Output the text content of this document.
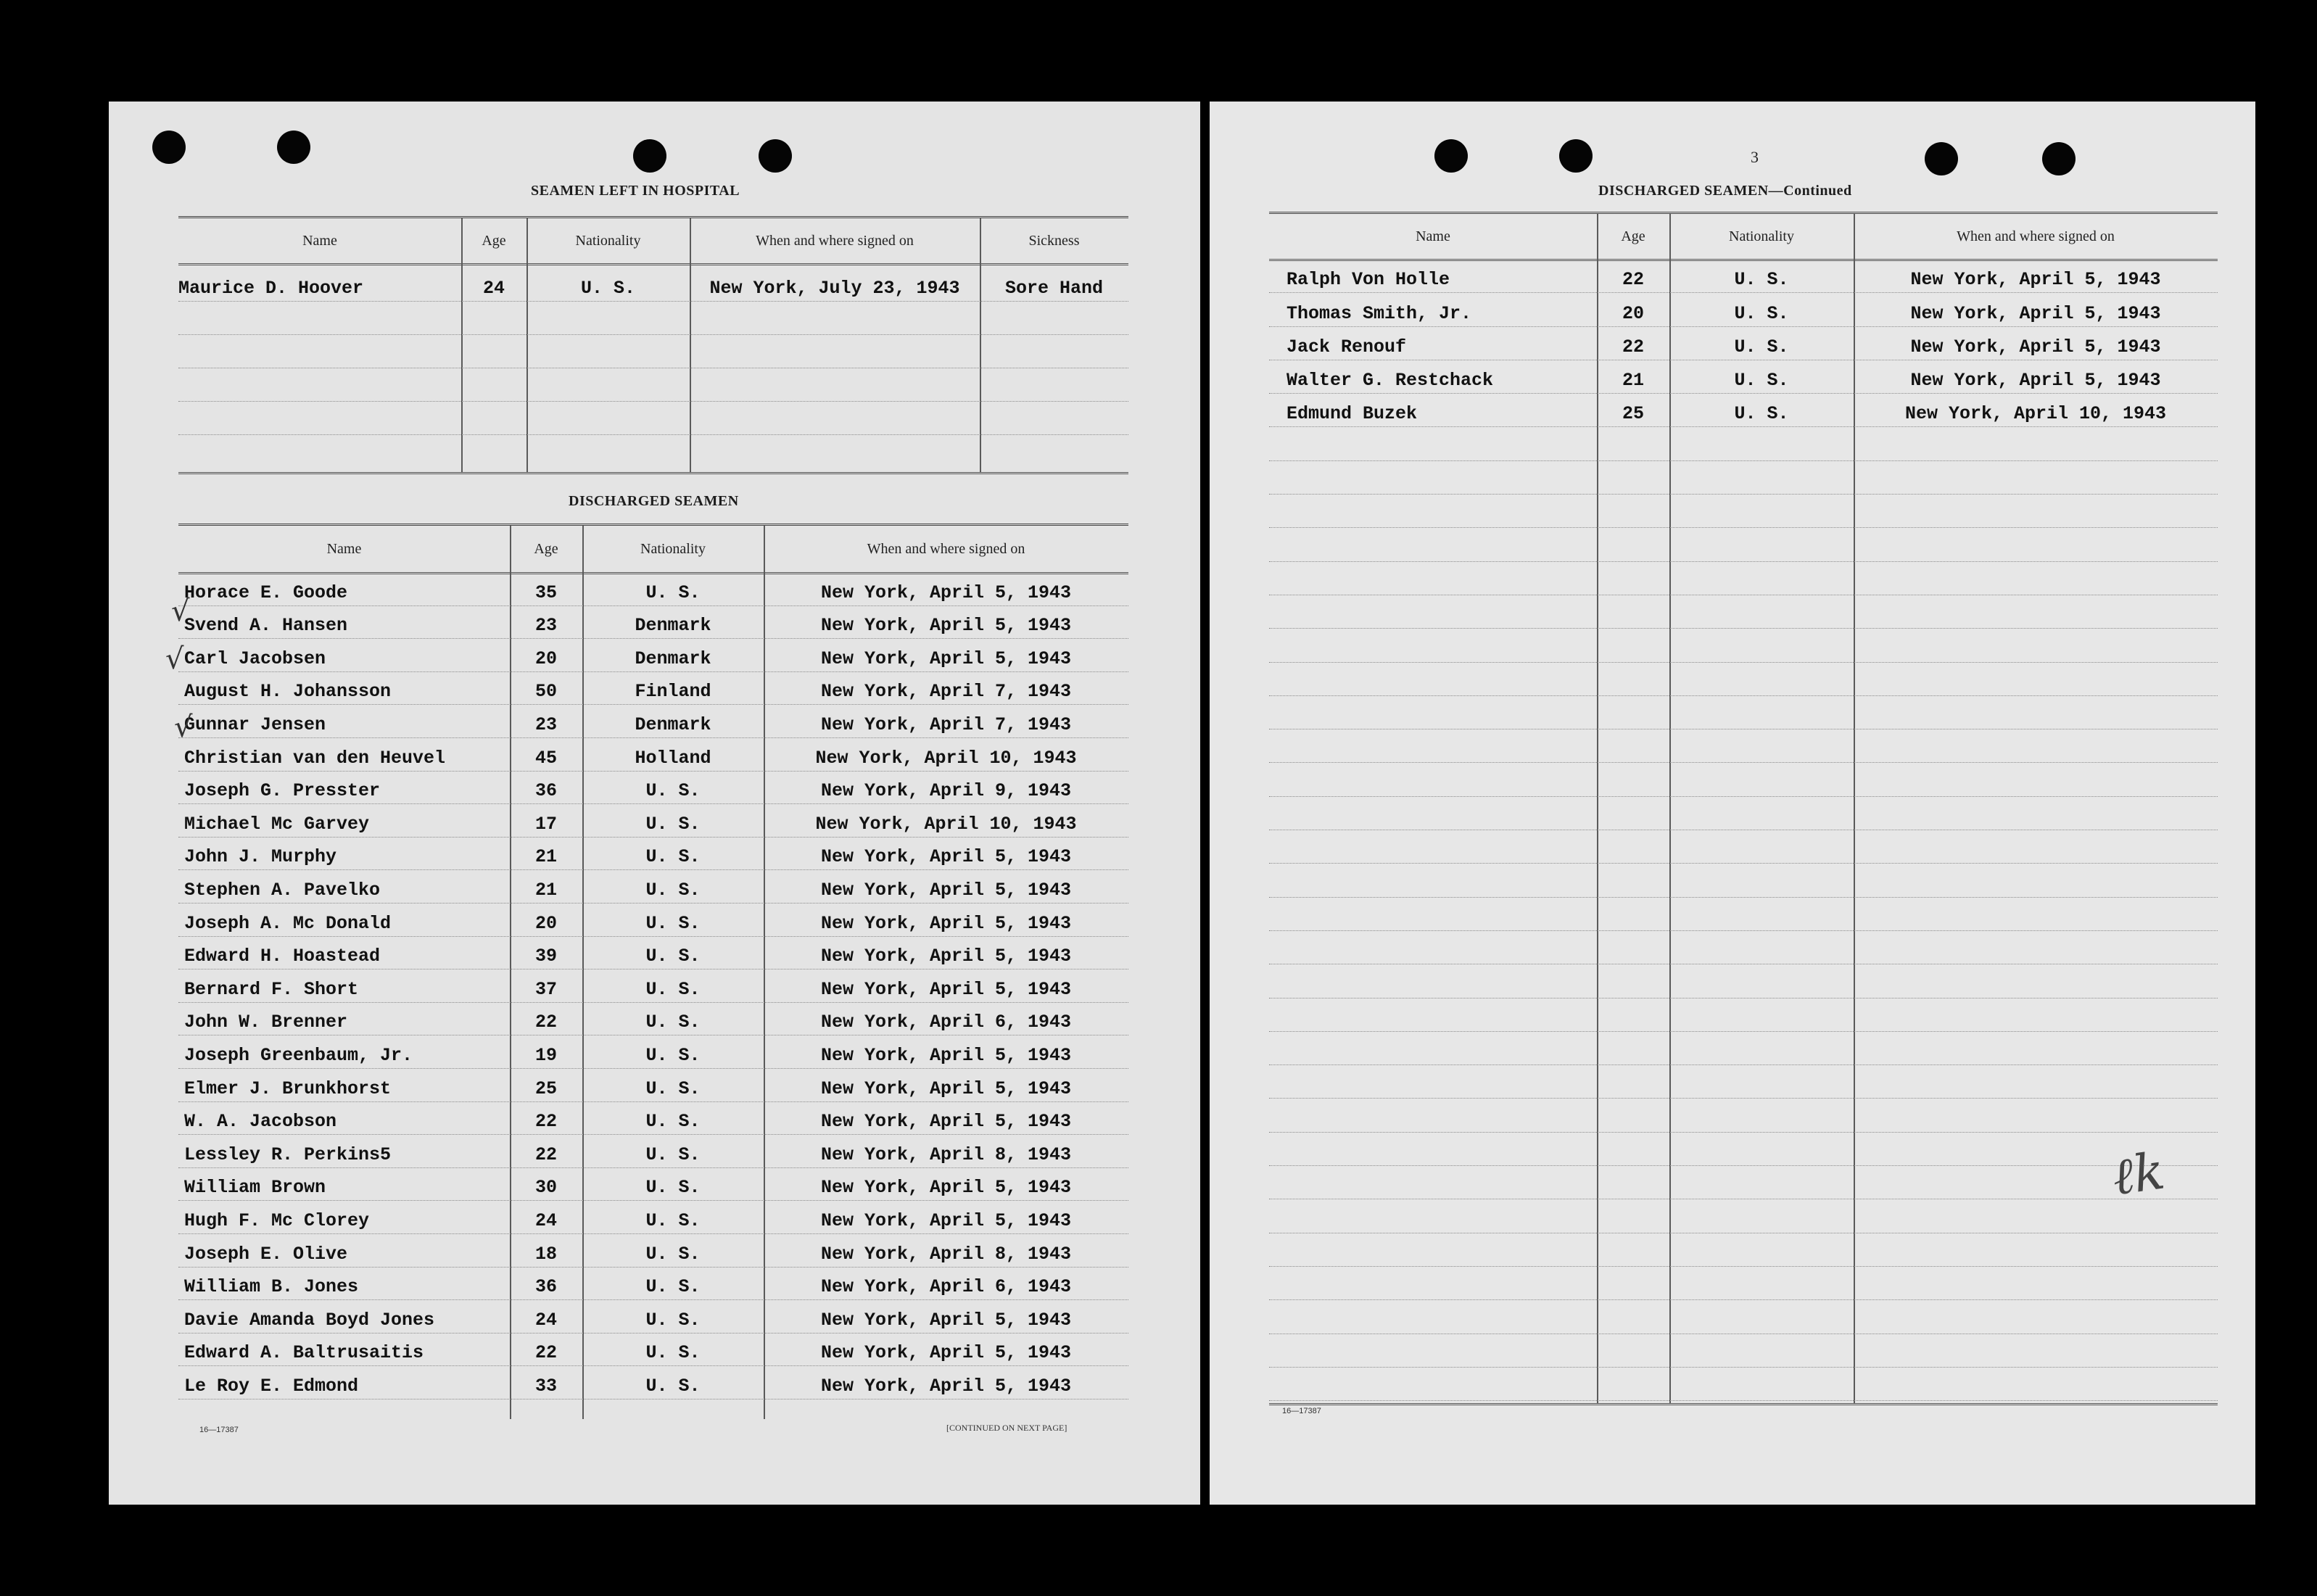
SEAMEN LEFT IN HOSPITAL
Name	Age	Nationality	When and where signed on	Sickness
Maurice D. Hoover	24	U. S.	New York, July 23, 1943	Sore Hand
DISCHARGED SEAMEN
Name	Age	Nationality	When and where signed on
Horace E. Goode	35	U. S.	New York, April 5, 1943
Svend A. Hansen	23	Denmark	New York, April 5, 1943
Carl Jacobsen	20	Denmark	New York, April 5, 1943
August H. Johansson	50	Finland	New York, April 7, 1943
Gunnar Jensen	23	Denmark	New York, April 7, 1943
Christian van den Heuvel	45	Holland	New York, April 10, 1943
Joseph G. Presster	36	U. S.	New York, April 9, 1943
Michael Mc Garvey	17	U. S.	New York, April 10, 1943
John J. Murphy	21	U. S.	New York, April 5, 1943
Stephen A. Pavelko	21	U. S.	New York, April 5, 1943
Joseph A. Mc Donald	20	U. S.	New York, April 5, 1943
Edward H. Hoastead	39	U. S.	New York, April 5, 1943
Bernard F. Short	37	U. S.	New York, April 5, 1943
John W. Brenner	22	U. S.	New York, April 6, 1943
Joseph Greenbaum, Jr.	19	U. S.	New York, April 5, 1943
Elmer J. Brunkhorst	25	U. S.	New York, April 5, 1943
W. A. Jacobson	22	U. S.	New York, April 5, 1943
Lessley R. Perkins5	22	U. S.	New York, April 8, 1943
William Brown	30	U. S.	New York, April 5, 1943
Hugh F. Mc Clorey	24	U. S.	New York, April 5, 1943
Joseph E. Olive	18	U. S.	New York, April 8, 1943
William B. Jones	36	U. S.	New York, April 6, 1943
Davie Amanda Boyd Jones	24	U. S.	New York, April 5, 1943
Edward A. Baltrusaitis	22	U. S.	New York, April 5, 1943
Le Roy E. Edmond	33	U. S.	New York, April 5, 1943
√
√
√
16—17387	[CONTINUED ON NEXT PAGE]
3
DISCHARGED SEAMEN—Continued
Name	Age	Nationality	When and where signed on
Ralph Von Holle	22	U. S.	New York, April 5, 1943
Thomas Smith, Jr.	20	U. S.	New York, April 5, 1943
Jack Renouf	22	U. S.	New York, April 5, 1943
Walter G. Restchack	21	U. S.	New York, April 5, 1943
Edmund Buzek	25	U. S.	New York, April 10, 1943
ℓk
16—17387
